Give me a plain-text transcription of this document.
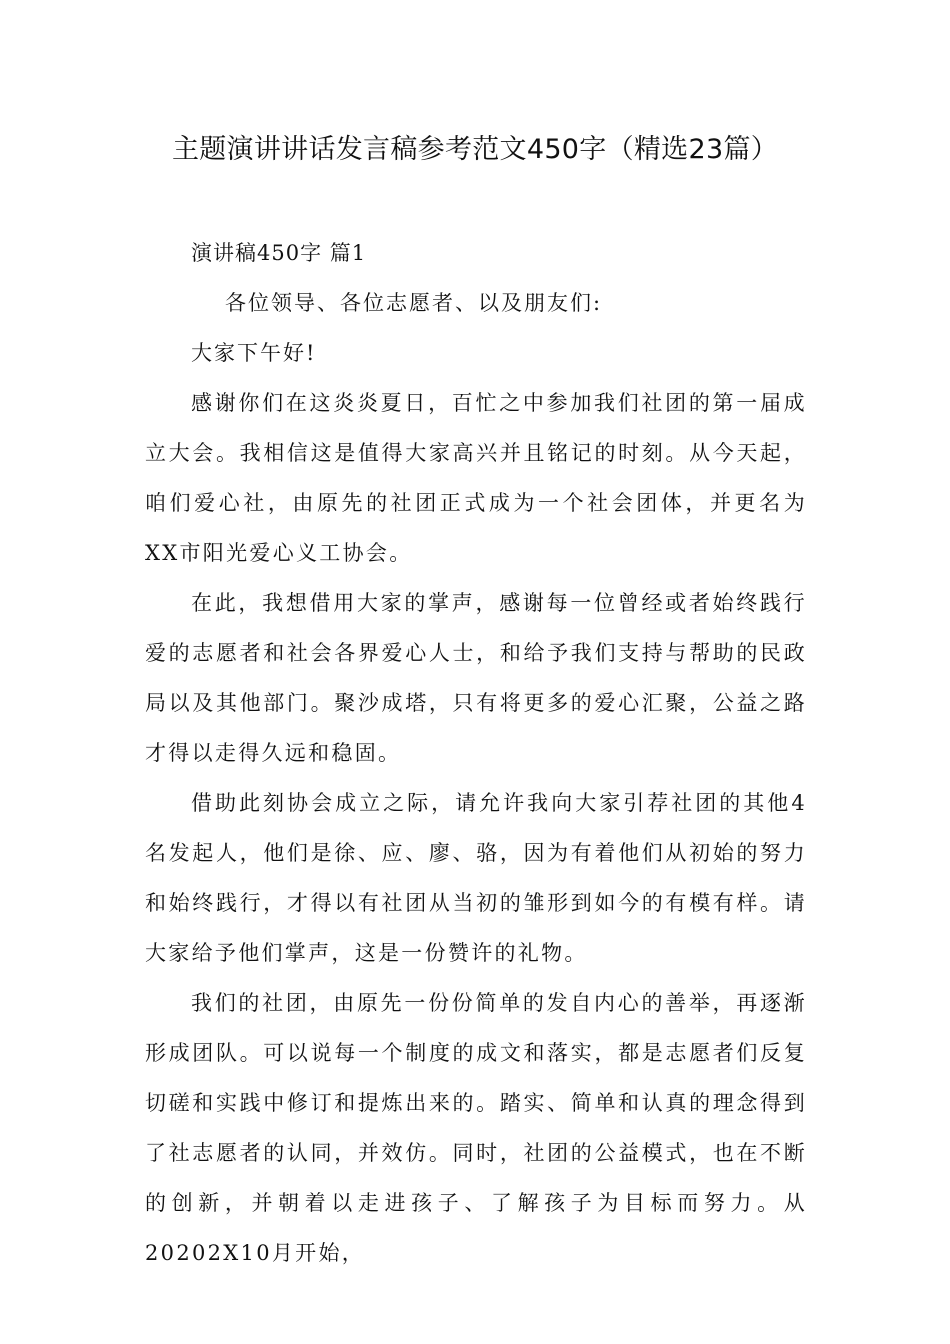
主题演讲讲话发言稿参考范文450字（精选23篇）
演讲稿450字 篇1
各位领导、各位志愿者、以及朋友们:
大家下午好!

感谢你们在这炎炎夏日，百忙之中参加我们社团的第一届成立大会。我相信这是值得大家高兴并且铭记的时刻。从今天起，咱们爱心社，由原先的社团正式成为一个社会团体，并更名为XX市阳光爱心义工协会。

在此，我想借用大家的掌声，感谢每一位曾经或者始终践行爱的志愿者和社会各界爱心人士，和给予我们支持与帮助的民政局以及其他部门。聚沙成塔，只有将更多的爱心汇聚，公益之路才得以走得久远和稳固。

借助此刻协会成立之际，请允许我向大家引荐社团的其他4名发起人，他们是徐、应、廖、骆，因为有着他们从初始的努力和始终践行，才得以有社团从当初的雏形到如今的有模有样。请大家给予他们掌声，这是一份赞许的礼物。

我们的社团，由原先一份份简单的发自内心的善举，再逐渐形成团队。可以说每一个制度的成文和落实，都是志愿者们反复切磋和实践中修订和提炼出来的。踏实、简单和认真的理念得到了社志愿者的认同，并效仿。同时，社团的公益模式，也在不断的创新，并朝着以走进孩子、了解孩子为目标而努力。从20202X10月开始，
